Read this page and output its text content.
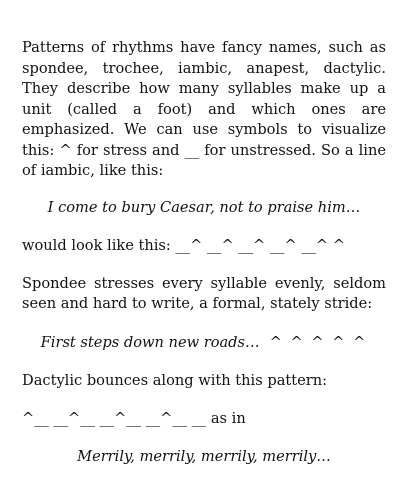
Patterns of rhythms have fancy names, such as spondee, trochee, iambic, anapest, dactylic. They describe how many syllables make up a unit (called a foot) and which ones are emphasized. We can use symbols to visualize this: ^ for stress and __ for unstressed. So a line of iambic, like this:

I come to bury Caesar, not to praise him…

would look like this: __^ __^ __^ __^ __^ ^

Spondee stresses every syllable evenly, seldom seen and hard to write, a formal, stately stride:

First steps down new roads… ^ ^ ^ ^ ^

Dactylic bounces along with this pattern:

^__ __^__ __^__ __^__ __ as in

Merrily, merrily, merrily, merrily…
